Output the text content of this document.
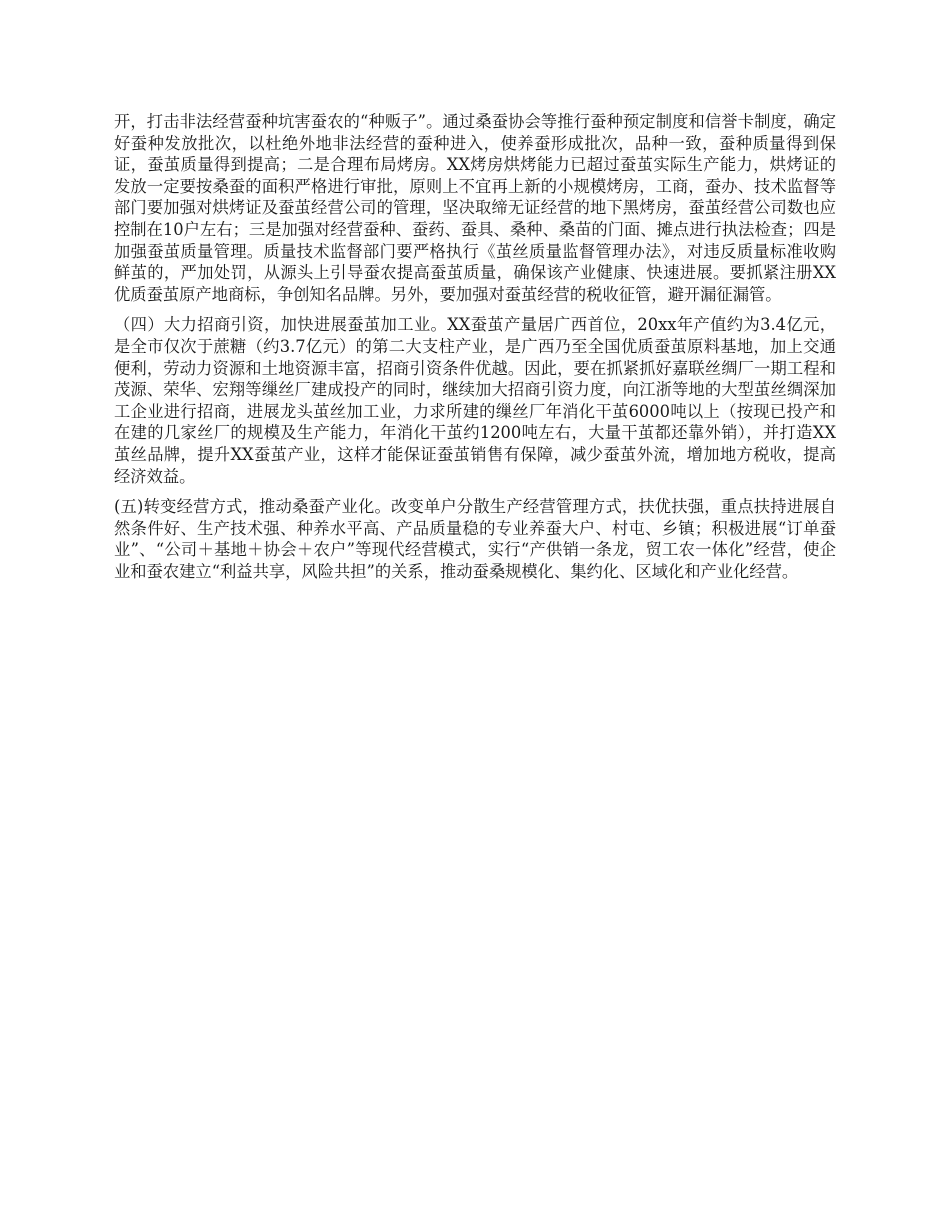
开，打击非法经营蚕种坑害蚕农的“种贩子”。通过桑蚕协会等推行蚕种预定制度和信誉卡制度，确定好蚕种发放批次，以杜绝外地非法经营的蚕种进入，使养蚕形成批次，品种一致，蚕种质量得到保证，蚕茧质量得到提高；二是合理布局烤房。XX烤房烘烤能力已超过蚕茧实际生产能力，烘烤证的发放一定要按桑蚕的面积严格进行审批，原则上不宜再上新的小规模烤房，工商，蚕办、技术监督等部门要加强对烘烤证及蚕茧经营公司的管理，坚决取缔无证经营的地下黑烤房，蚕茧经营公司数也应控制在10户左右；三是加强对经营蚕种、蚕药、蚕具、桑种、桑苗的门面、摊点进行执法检查；四是加强蚕茧质量管理。质量技术监督部门要严格执行《茧丝质量监督管理办法》，对违反质量标准收购鲜茧的，严加处罚，从源头上引导蚕农提高蚕茧质量，确保该产业健康、快速进展。要抓紧注册XX优质蚕茧原产地商标，争创知名品牌。另外，要加强对蚕茧经营的税收征管，避开漏征漏管。

（四）大力招商引资，加快进展蚕茧加工业。XX蚕茧产量居广西首位，20xx年产值约为3.4亿元，是全市仅次于蔗糖（约3.7亿元）的第二大支柱产业，是广西乃至全国优质蚕茧原料基地，加上交通便利，劳动力资源和土地资源丰富，招商引资条件优越。因此，要在抓紧抓好嘉联丝绸厂一期工程和茂源、荣华、宏翔等缫丝厂建成投产的同时，继续加大招商引资力度，向江浙等地的大型茧丝绸深加工企业进行招商，进展龙头茧丝加工业，力求所建的缫丝厂年消化干茧6000吨以上（按现已投产和在建的几家丝厂的规模及生产能力，年消化干茧约1200吨左右，大量干茧都还靠外销），并打造XX茧丝品牌，提升XX蚕茧产业，这样才能保证蚕茧销售有保障，减少蚕茧外流，增加地方税收，提高经济效益。

(五)转变经营方式，推动桑蚕产业化。改变单户分散生产经营管理方式，扶优扶强，重点扶持进展自然条件好、生产技术强、种养水平高、产品质量稳的专业养蚕大户、村屯、乡镇；积极进展“订单蚕业”、“公司＋基地＋协会＋农户”等现代经营模式，实行“产供销一条龙，贸工农一体化”经营，使企业和蚕农建立“利益共享，风险共担”的关系，推动蚕桑规模化、集约化、区域化和产业化经营。
